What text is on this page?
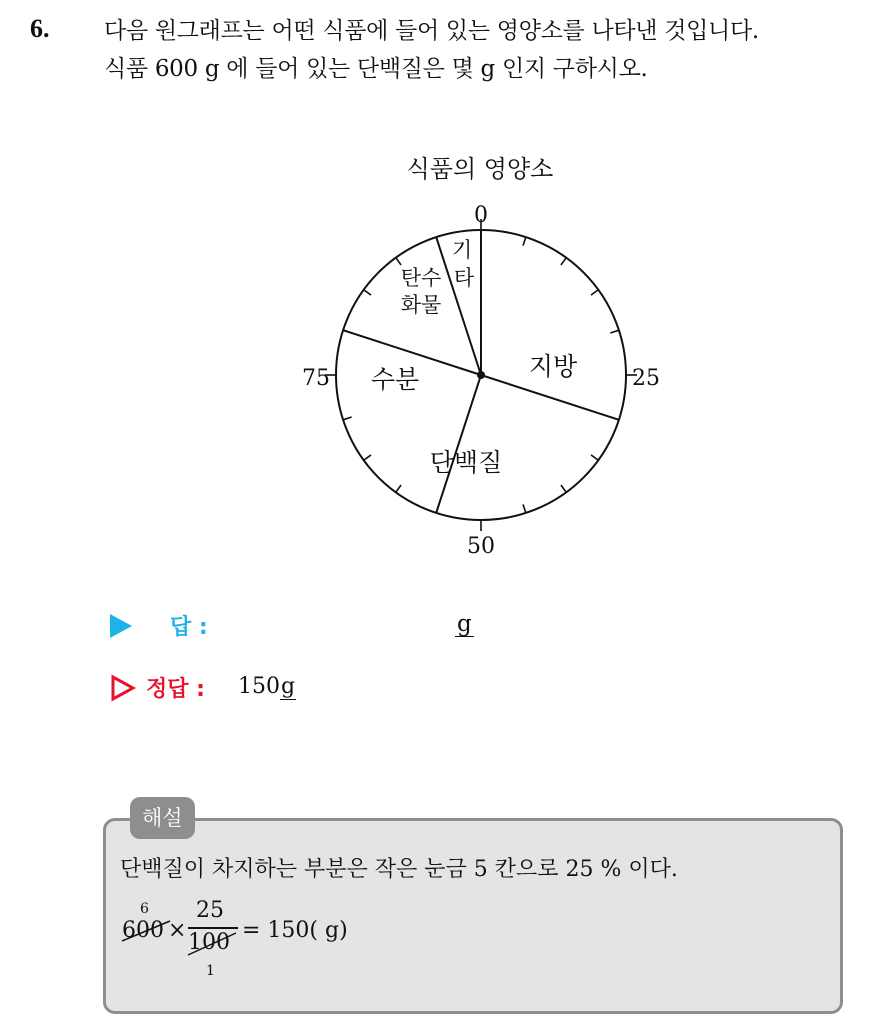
6. 다음 원그래프는 어떤 식품에 들어 있는 영양소를 나타낸 것입니다.
식품 600 g 에 들어 있는 단백질은 몇 g 인지 구하시오.
식품의 영양소
0
25
50
75	지방
단백질
수분
탄수
화물
기
타
답 :	g
정답 : 150g
해설
단백질이 차지하는 부분은 작은 눈금 5 칸으로 25 % 이다.
6
600 ×
25
100
1
= 150( g)
